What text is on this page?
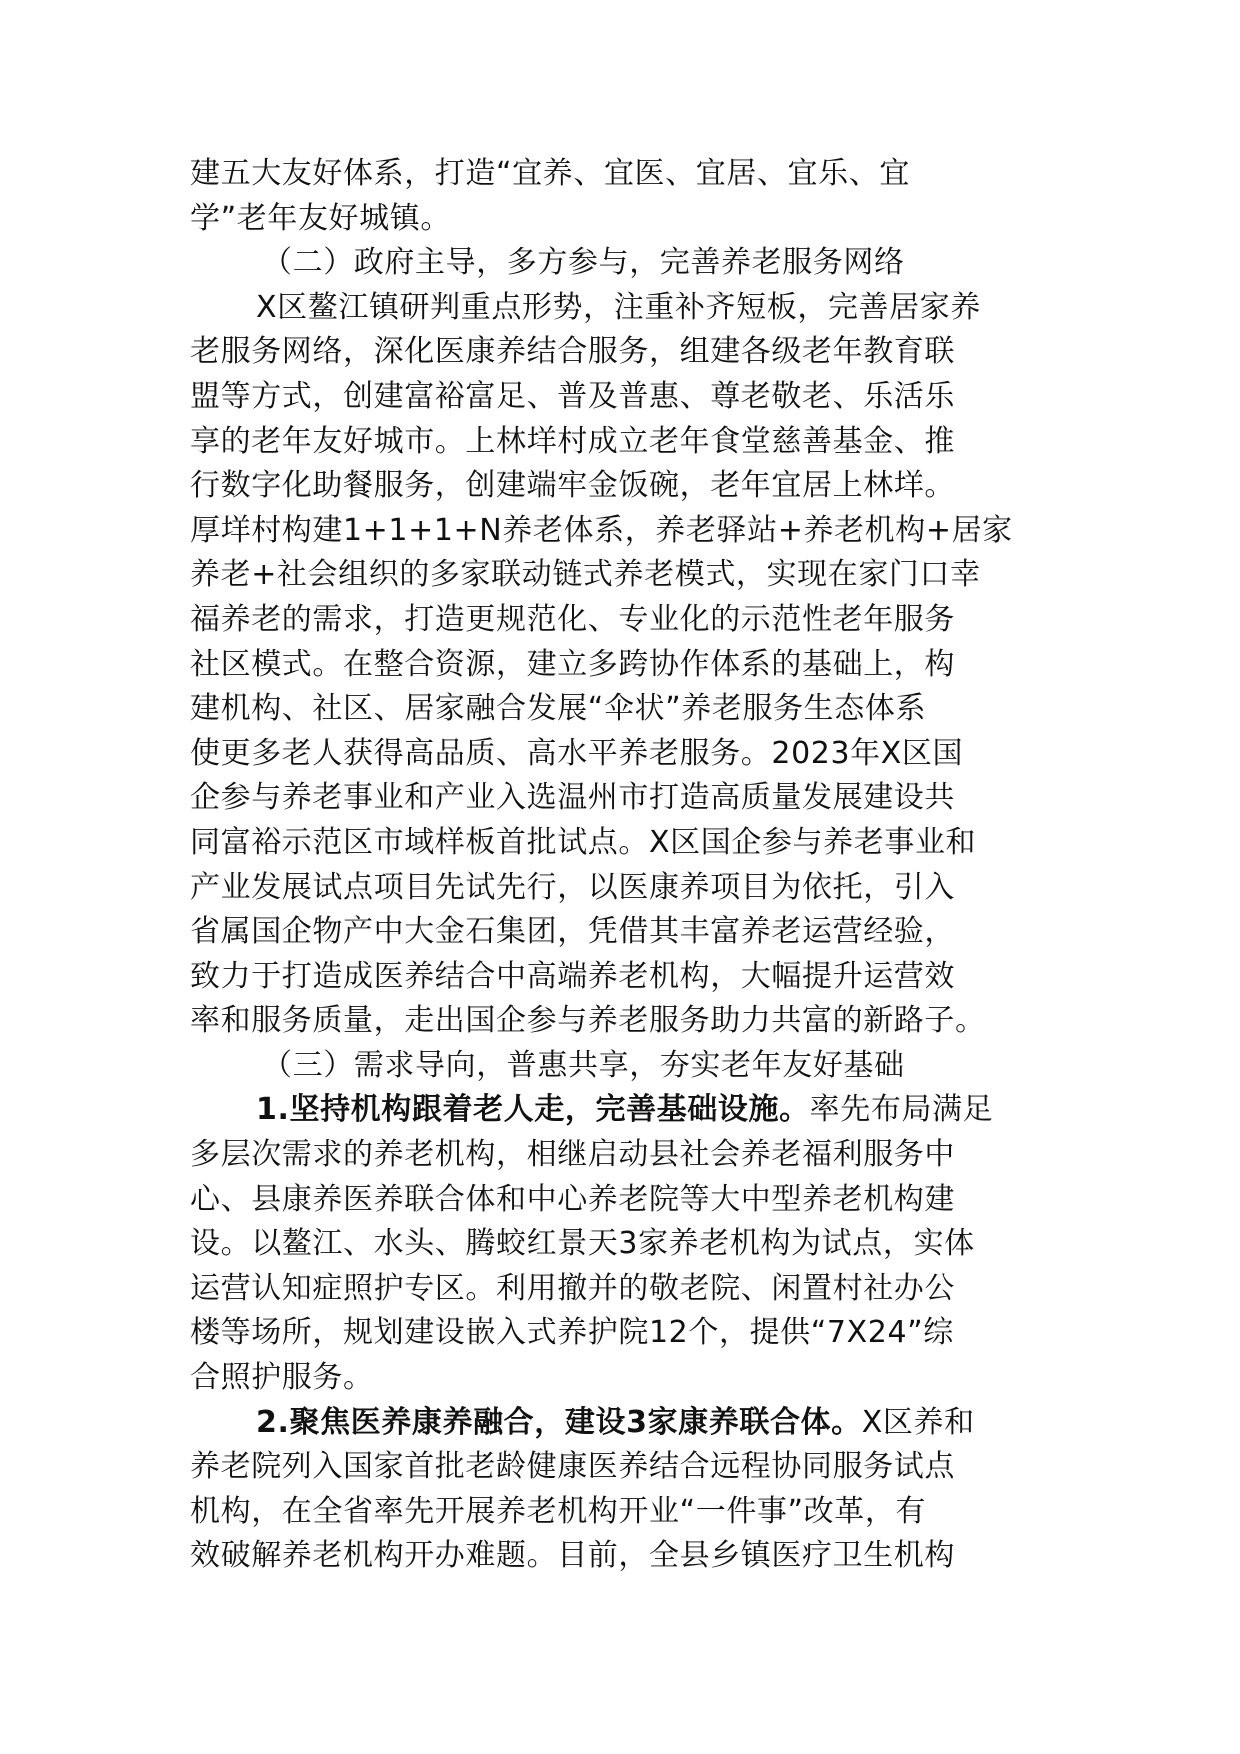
建五大友好体系，打造“宜养、宜医、宜居、宜乐、宜
学”老年友好城镇。
（二）政府主导，多方参与，完善养老服务网络
X区鳌江镇研判重点形势，注重补齐短板，完善居家养
老服务网络，深化医康养结合服务，组建各级老年教育联
盟等方式，创建富裕富足、普及普惠、尊老敬老、乐活乐
享的老年友好城市。上林垟村成立老年食堂慈善基金、推
行数字化助餐服务，创建端牢金饭碗，老年宜居上林垟。
厚垟村构建1+1+1+N养老体系，养老驿站+养老机构+居家
养老+社会组织的多家联动链式养老模式，实现在家门口幸
福养老的需求，打造更规范化、专业化的示范性老年服务
社区模式。在整合资源，建立多跨协作体系的基础上，构
建机构、社区、居家融合发展“伞状”养老服务生态体系
使更多老人获得高品质、高水平养老服务。2023年X区国
企参与养老事业和产业入选温州市打造高质量发展建设共
同富裕示范区市域样板首批试点。X区国企参与养老事业和
产业发展试点项目先试先行，以医康养项目为依托，引入
省属国企物产中大金石集团，凭借其丰富养老运营经验，
致力于打造成医养结合中高端养老机构，大幅提升运营效
率和服务质量，走出国企参与养老服务助力共富的新路子。
（三）需求导向，普惠共享，夯实老年友好基础
1.坚持机构跟着老人走，完善基础设施。率先布局满足
多层次需求的养老机构，相继启动县社会养老福利服务中
心、县康养医养联合体和中心养老院等大中型养老机构建
设。以鳌江、水头、腾蛟红景天3家养老机构为试点，实体
运营认知症照护专区。利用撤并的敬老院、闲置村社办公
楼等场所，规划建设嵌入式养护院12个，提供“7X24”综
合照护服务。
2.聚焦医养康养融合，建设3家康养联合体。X区养和
养老院列入国家首批老龄健康医养结合远程协同服务试点
机构，在全省率先开展养老机构开业“一件事”改革，有
效破解养老机构开办难题。目前，全县乡镇医疗卫生机构
